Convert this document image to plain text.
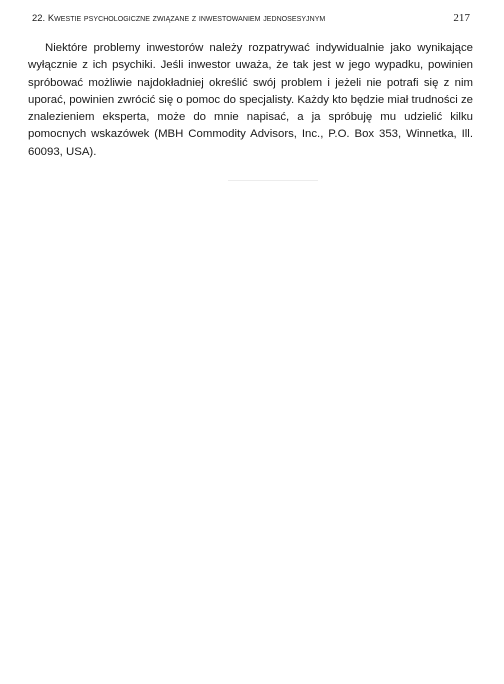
22. Kwestie psychologiczne związane z inwestowaniem jednosesyjnym	217

Niektóre problemy inwestorów należy rozpatrywać indywidualnie jako wynikające wyłącznie z ich psychiki. Jeśli inwestor uważa, że tak jest w jego wypadku, powinien spróbować możliwie najdokładniej określić swój problem i jeżeli nie potrafi się z nim uporać, powinien zwrócić się o pomoc do specjalisty. Każdy kto będzie miał trudności ze znalezieniem eksperta, może do mnie napisać, a ja spróbuję mu udzielić kilku pomocnych wskazówek (MBH Commodity Advisors, Inc., P.O. Box 353, Winnetka, Ill. 60093, USA).
